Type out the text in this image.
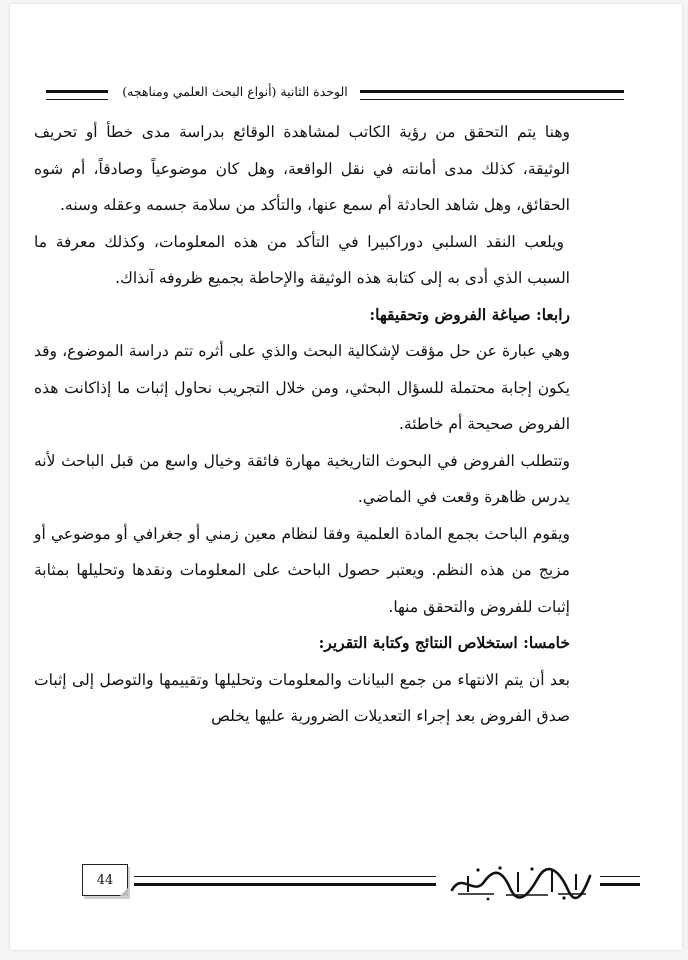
الوحدة الثانية (أنواع البحث العلمي ومناهجه)

وهنا يتم التحقق من رؤية الكاتب لمشاهدة الوقائع بدراسة مدى خطأ أو تحريف الوثيقة، كذلك مدى أمانته في نقل الواقعة، وهل كان موضوعياً وصادقاً، أم شوه الحقائق، وهل شاهد الحادثة أم سمع عنها، والتأكد من سلامة جسمه وعقله وسنه.

ويلعب النقد السلبي دوراكبيرا في التأكد من هذه المعلومات، وكذلك معرفة ما السبب الذي أدى به إلى كتابة هذه الوثيقة والإحاطة بجميع ظروفه آنذاك.

رابعا: صياغة الفروض وتحقيقها:

وهي عبارة عن حل مؤقت لإشكالية البحث والذي على أثره تتم دراسة الموضوع، وقد يكون إجابة محتملة للسؤال البحثي، ومن خلال التجريب نحاول إثبات ما إذاكانت هذه الفروض صحيحة أم خاطئة.

وتتطلب الفروض في البحوث التاريخية مهارة فائقة وخيال واسع من قبل الباحث لأنه يدرس ظاهرة وقعت في الماضي.

ويقوم الباحث بجمع المادة العلمية وفقا لنظام معين زمني أو جغرافي أو موضوعي أو مزيج من هذه النظم. ويعتبر حصول الباحث على المعلومات ونقدها وتحليلها بمثابة إثبات للفروض والتحقق منها.

خامسا: استخلاص النتائج وكتابة التقرير:

بعد أن يتم الانتهاء من جمع البيانات والمعلومات وتحليلها وتقييمها والتوصل إلى إثبات صدق الفروض بعد إجراء التعديلات الضرورية عليها يخلص

44
